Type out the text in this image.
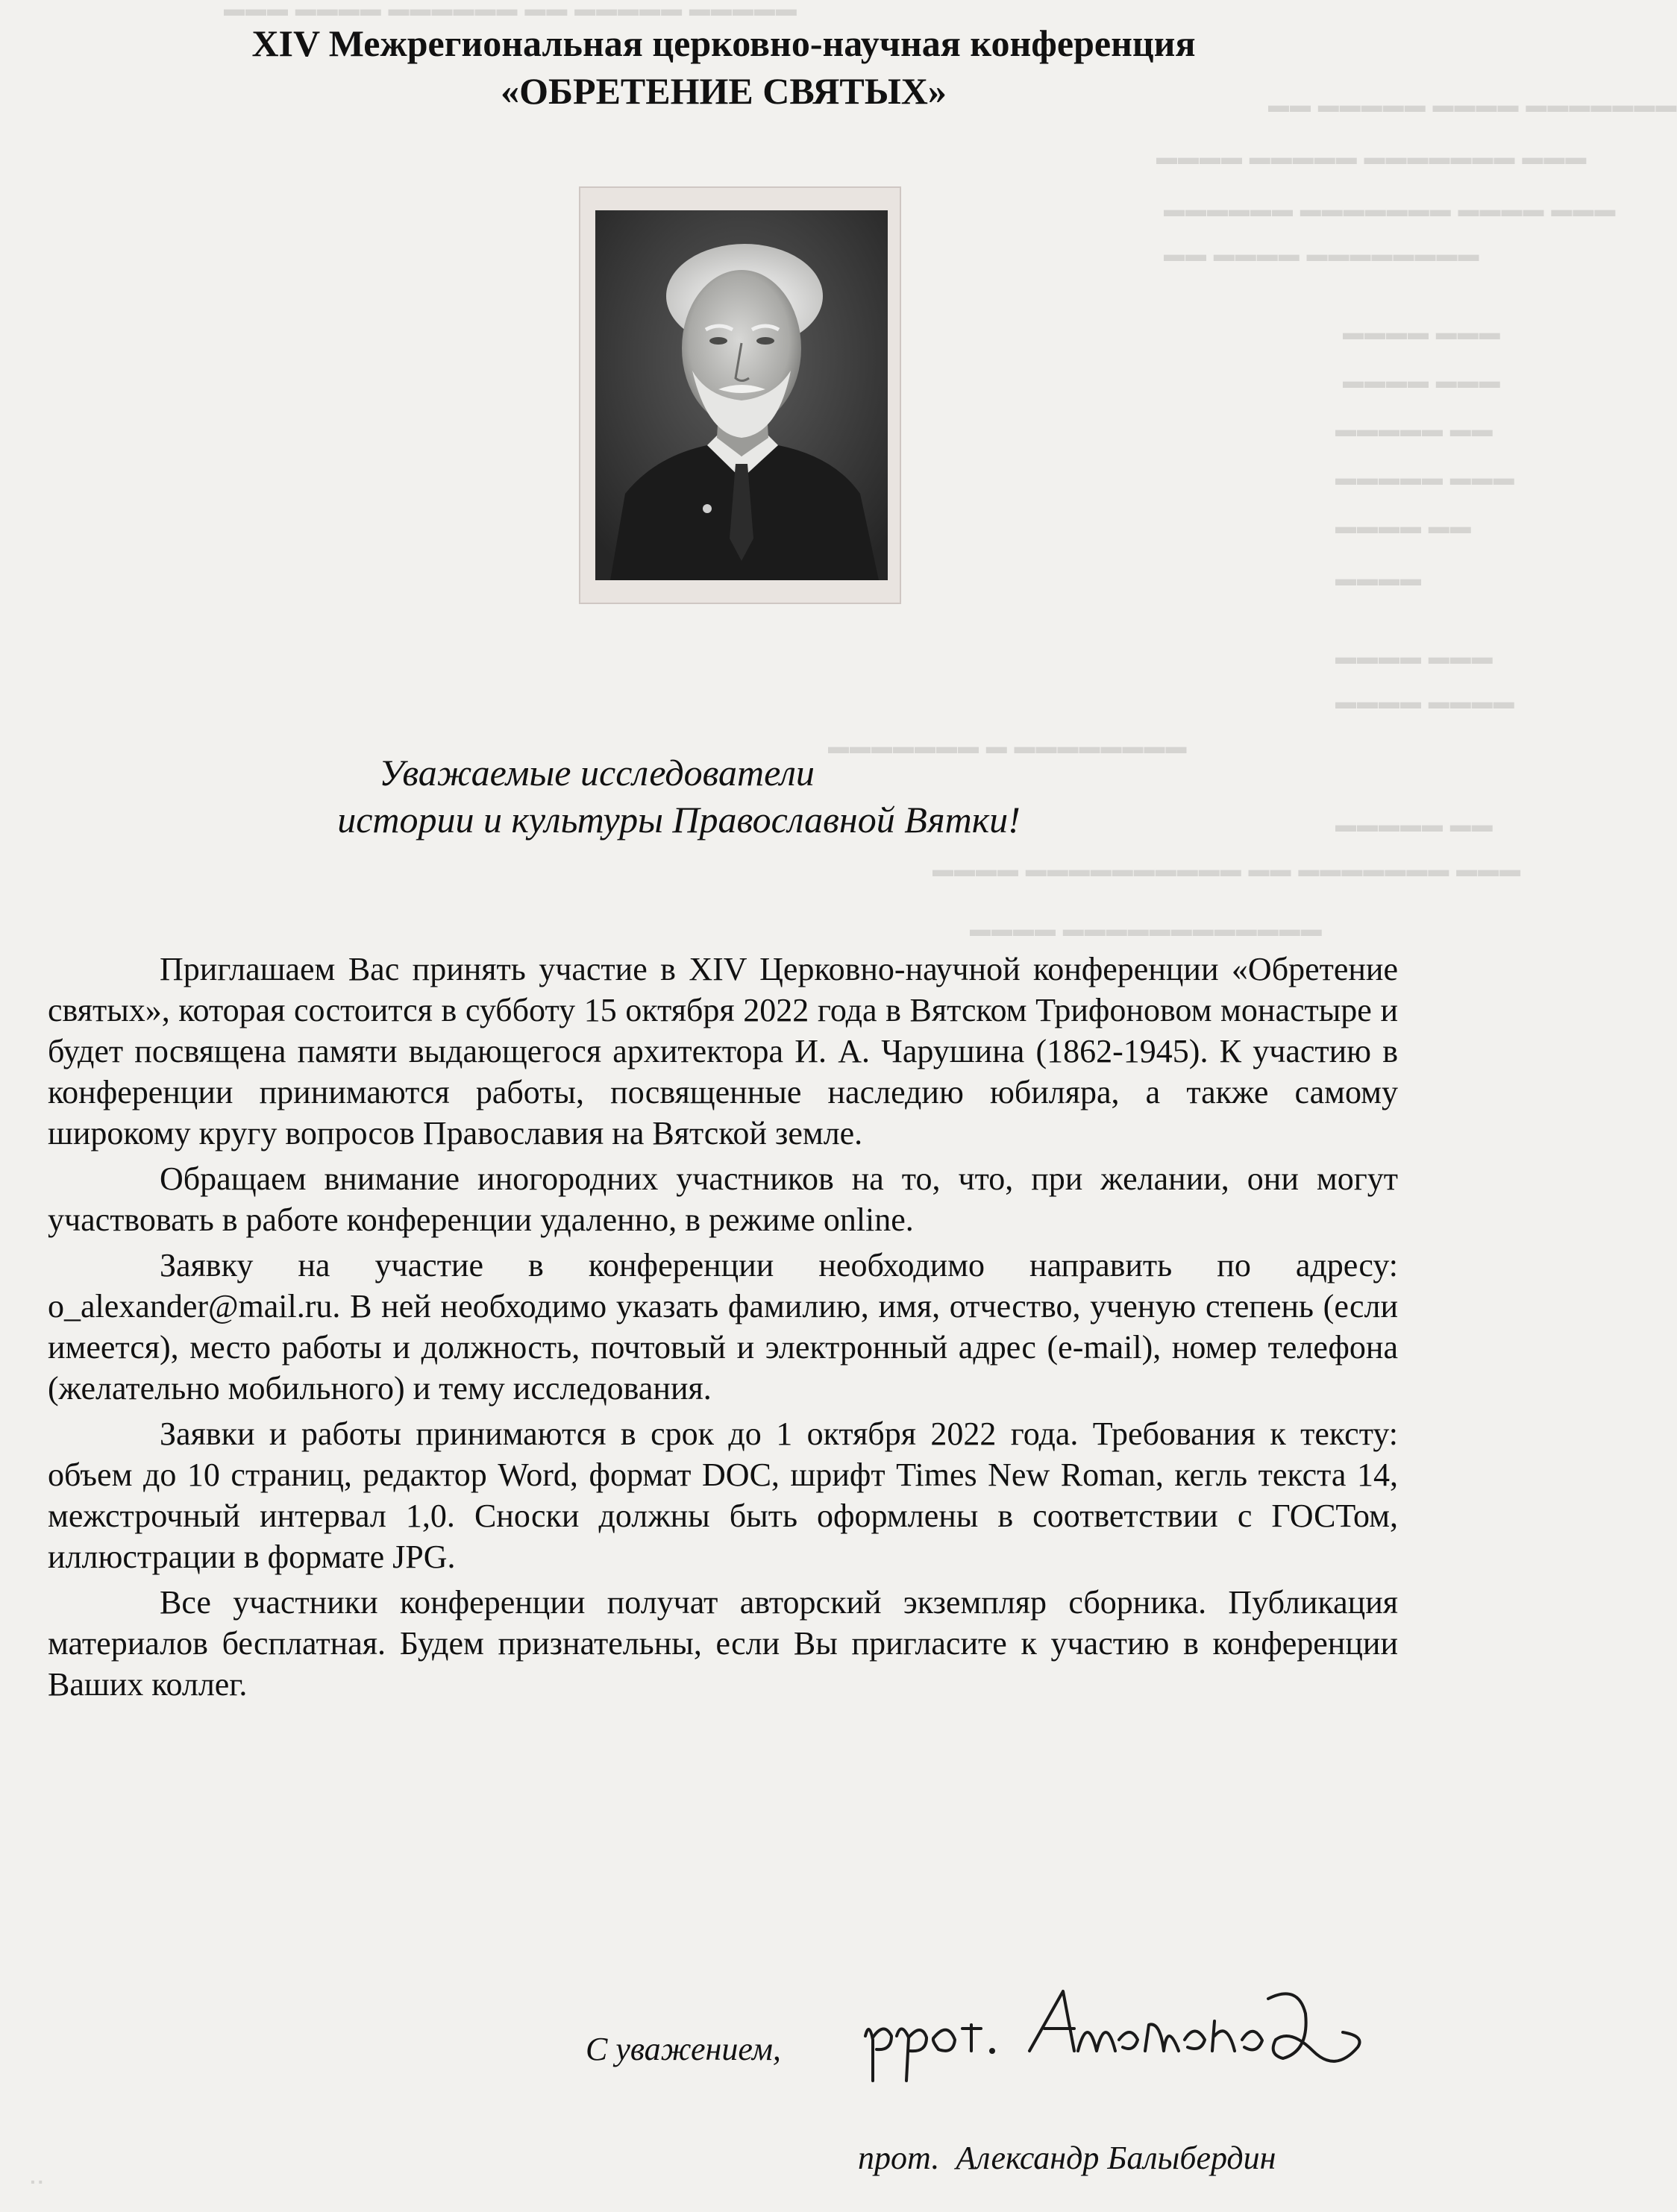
▬▬▬ ▬▬▬▬ ▬▬▬▬▬▬ ▬▬ ▬▬▬▬▬ ▬▬▬▬▬
▬▬ ▬▬▬▬▬ ▬▬▬▬ ▬▬▬▬▬▬▬
▬▬▬▬ ▬▬▬▬▬ ▬▬▬▬▬▬▬ ▬▬▬
▬▬▬▬▬▬ ▬▬▬▬▬▬▬ ▬▬▬▬ ▬▬▬
▬▬ ▬▬▬▬ ▬▬▬▬▬▬▬▬
▬▬▬▬ ▬▬▬
▬▬▬▬ ▬▬▬
▬▬▬▬▬ ▬▬
▬▬▬▬▬ ▬▬▬
▬▬▬▬ ▬▬
▬▬▬▬
▬▬▬▬ ▬▬▬
▬▬▬▬ ▬▬▬▬
▬▬▬▬▬▬▬ ▬ ▬▬▬▬▬▬▬▬
▬▬▬▬▬ ▬▬
▬▬▬▬ ▬▬▬▬▬▬▬▬▬▬ ▬▬ ▬▬▬▬▬▬▬ ▬▬▬
▬▬▬▬ ▬▬▬▬▬▬▬▬▬▬▬▬
··
XIV Межрегиональная церковно-научная конференция
«ОБРЕТЕНИЕ СВЯТЫХ»
Уважаемые исследователи
истории и культуры Православной Вятки!

Приглашаем Вас принять участие в XIV Церковно-научной конференции «Обретение святых», которая состоится в субботу 15 октября 2022 года в Вятском Трифоновом монастыре и будет посвящена памяти выдающегося архитектора И. А. Чарушина (1862-1945). К участию в конференции принимаются работы, посвященные наследию юбиляра, а также самому широкому кругу вопросов Православия на Вятской земле.

Обращаем внимание иногородних участников на то, что, при желании, они могут участвовать в работе конференции удаленно, в режиме online.

Заявку на участие в конференции необходимо направить по адресу: o_alexander@mail.ru. В ней необходимо указать фамилию, имя, отчество, ученую степень (если имеется), место работы и должность, почтовый и электронный адрес (e-mail), номер телефона (желательно мобильного) и тему исследования.

Заявки и работы принимаются в срок до 1 октября 2022 года. Требования к тексту: объем до 10 страниц, редактор Word, формат DOC, шрифт Times New Roman, кегль текста 14, межстрочный интервал 1,0. Сноски должны быть оформлены в соответствии с ГОСТом, иллюстрации в формате JPG.

Все участники конференции получат авторский экземпляр сборника. Публикация материалов бесплатная. Будем признательны, если Вы пригласите к участию в конференции Ваших коллег.

С уважением,
прот.  Александр Балыбердин
